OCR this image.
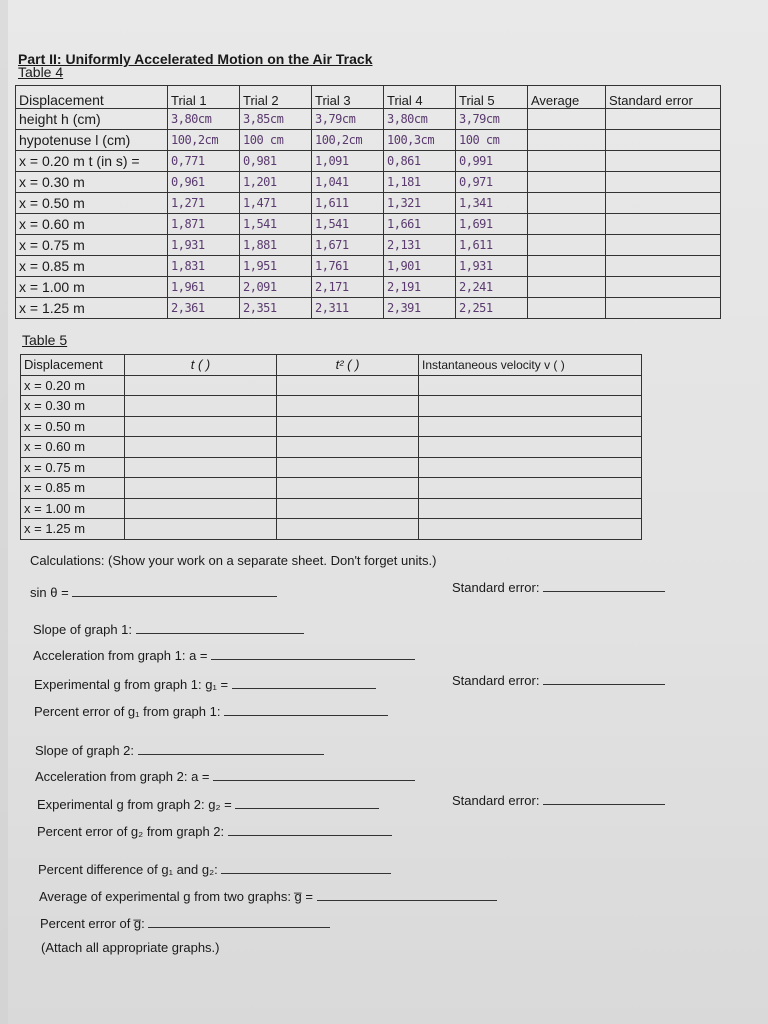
Part II: Uniformly Accelerated Motion on the Air Track
Table 4
Displacement	Trial 1	Trial 2	Trial 3	Trial 4	Trial 5	Average	Standard error
height h (cm)	3,80cm	3,85cm	3,79cm	3,80cm	3,79cm		
hypotenuse l (cm)	100,2cm	100 cm	100,2cm	100,3cm	100 cm		
x = 0.20 m t (in s) =	0,771	0,981	1,091	0,861	0,991		
x = 0.30 m	0,961	1,201	1,041	1,181	0,971		
x = 0.50 m	1,271	1,471	1,611	1,321	1,341		
x = 0.60 m	1,871	1,541	1,541	1,661	1,691		
x = 0.75 m	1,931	1,881	1,671	2,131	1,611		
x = 0.85 m	1,831	1,951	1,761	1,901	1,931		
x = 1.00 m	1,961	2,091	2,171	2,191	2,241		
x = 1.25 m	2,361	2,351	2,311	2,391	2,251		
Table 5
Displacement	t ( )	t² ( )	Instantaneous velocity v ( )
x = 0.20 m			
x = 0.30 m			
x = 0.50 m			
x = 0.60 m			
x = 0.75 m			
x = 0.85 m			
x = 1.00 m			
x = 1.25 m			
Calculations: (Show your work on a separate sheet. Don't forget units.)
sin θ =	Standard error:
Slope of graph 1:
Acceleration from graph 1: a =
Experimental g from graph 1: g₁ =	Standard error:
Percent error of g₁ from graph 1:
Slope of graph 2:
Acceleration from graph 2: a =
Experimental g from graph 2: g₂ =	Standard error:
Percent error of g₂ from graph 2:
Percent difference of g₁ and g₂:
Average of experimental g from two graphs: g̅ =
Percent error of g̅:
(Attach all appropriate graphs.)
